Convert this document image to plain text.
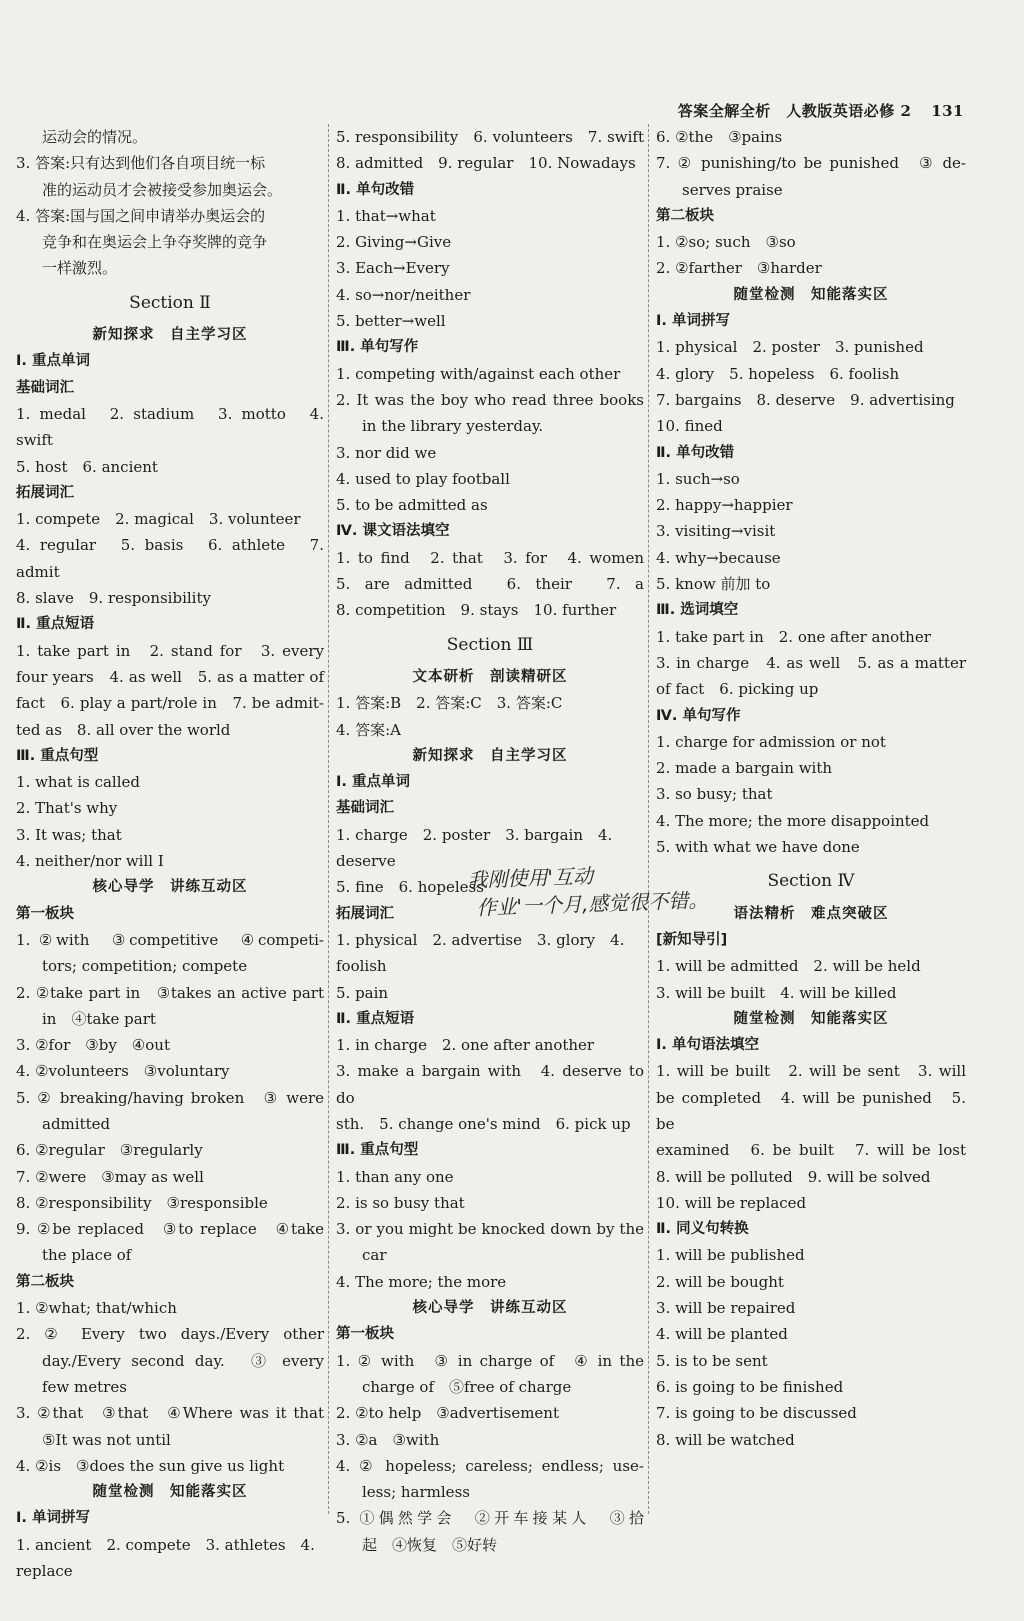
答案全解全析　人教版英语必修 2 131

运动会的情况。

3. 答案:只有达到他们各自项目统一标

准的运动员才会被接受参加奥运会。

4. 答案:国与国之间申请举办奥运会的

竞争和在奥运会上争夺奖牌的竞争

一样激烈。

Section Ⅱ

新知探求　自主学习区

Ⅰ. 重点单词

基础词汇

1. medal　2. stadium　3. motto　4. swift

5. host　6. ancient

拓展词汇

1. compete　2. magical　3. volunteer

4. regular　5. basis　6. athlete　7. admit

8. slave　9. responsibility

Ⅱ. 重点短语

1. take part in　2. stand for　3. every

four years　4. as well　5. as a matter of

fact　6. play a part/role in　7. be admit-

ted as　8. all over the world

Ⅲ. 重点句型

1. what is called

2. That's why

3. It was; that

4. neither/nor will I

核心导学　讲练互动区

第一板块

1. ②with　③competitive　④competi-

tors; competition; compete

2. ②take part in　③takes an active part

in　④take part

3. ②for　③by　④out

4. ②volunteers　③voluntary

5. ② breaking/having broken　③ were

admitted

6. ②regular　③regularly

7. ②were　③may as well

8. ②responsibility　③responsible

9. ②be replaced　③to replace　④take

the place of

第二板块

1. ②what; that/which

2. ② Every two days./Every other

day./Every second day.　③ every

few metres

3. ②that　③that　④Where was it that

⑤It was not until

4. ②is　③does the sun give us light

随堂检测　知能落实区

Ⅰ. 单词拼写

1. ancient　2. compete　3. athletes　4. replace

5. responsibility　6. volunteers　7. swift

8. admitted　9. regular　10. Nowadays

Ⅱ. 单句改错

1. that→what

2. Giving→Give

3. Each→Every

4. so→nor/neither

5. better→well

Ⅲ. 单句写作

1. competing with/against each other

2. It was the boy who read three books

in the library yesterday.

3. nor did we

4. used to play football

5. to be admitted as

Ⅳ. 课文语法填空

1. to find　2. that　3. for　4. women

5. are admitted　6. their　7. a

8. competition　9. stays　10. further

Section Ⅲ

文本研析　剖读精研区

1. 答案:B　2. 答案:C　3. 答案:C

4. 答案:A

新知探求　自主学习区

Ⅰ. 重点单词

基础词汇

1. charge　2. poster　3. bargain　4. deserve

5. fine　6. hopeless

拓展词汇

1. physical　2. advertise　3. glory　4. foolish

5. pain

Ⅱ. 重点短语

1. in charge　2. one after another

3. make a bargain with　4. deserve to do

sth.　5. change one's mind　6. pick up

Ⅲ. 重点句型

1. than any one

2. is so busy that

3. or you might be knocked down by the

car

4. The more; the more

核心导学　讲练互动区

第一板块

1. ② with　③ in charge of　④ in the

charge of　⑤free of charge

2. ②to help　③advertisement

3. ②a　③with

4. ② hopeless; careless; endless; use-

less; harmless

5. ①偶然学会　②开车接某人　③拾

起　④恢复　⑤好转

6. ②the　③pains

7. ② punishing/to be punished　③ de-

serves praise

第二板块

1. ②so; such　③so

2. ②farther　③harder

随堂检测　知能落实区

Ⅰ. 单词拼写

1. physical　2. poster　3. punished

4. glory　5. hopeless　6. foolish

7. bargains　8. deserve　9. advertising

10. fined

Ⅱ. 单句改错

1. such→so

2. happy→happier

3. visiting→visit

4. why→because

5. know 前加 to

Ⅲ. 选词填空

1. take part in　2. one after another

3. in charge　4. as well　5. as a matter

of fact　6. picking up

Ⅳ. 单句写作

1. charge for admission or not

2. made a bargain with

3. so busy; that

4. The more; the more disappointed

5. with what we have done

Section Ⅳ

语法精析　难点突破区

[新知导引]

1. will be admitted　2. will be held

3. will be built　4. will be killed

随堂检测　知能落实区

Ⅰ. 单句语法填空

1. will be built　2. will be sent　3. will

be completed　4. will be punished　5. be

examined　6. be built　7. will be lost

8. will be polluted　9. will be solved

10. will be replaced

Ⅱ. 同义句转换

1. will be published

2. will be bought

3. will be repaired

4. will be planted

5. is to be sent

6. is going to be finished

7. is going to be discussed

8. will be watched

我刚使用'互动
作业'一个月,感觉很不错。
